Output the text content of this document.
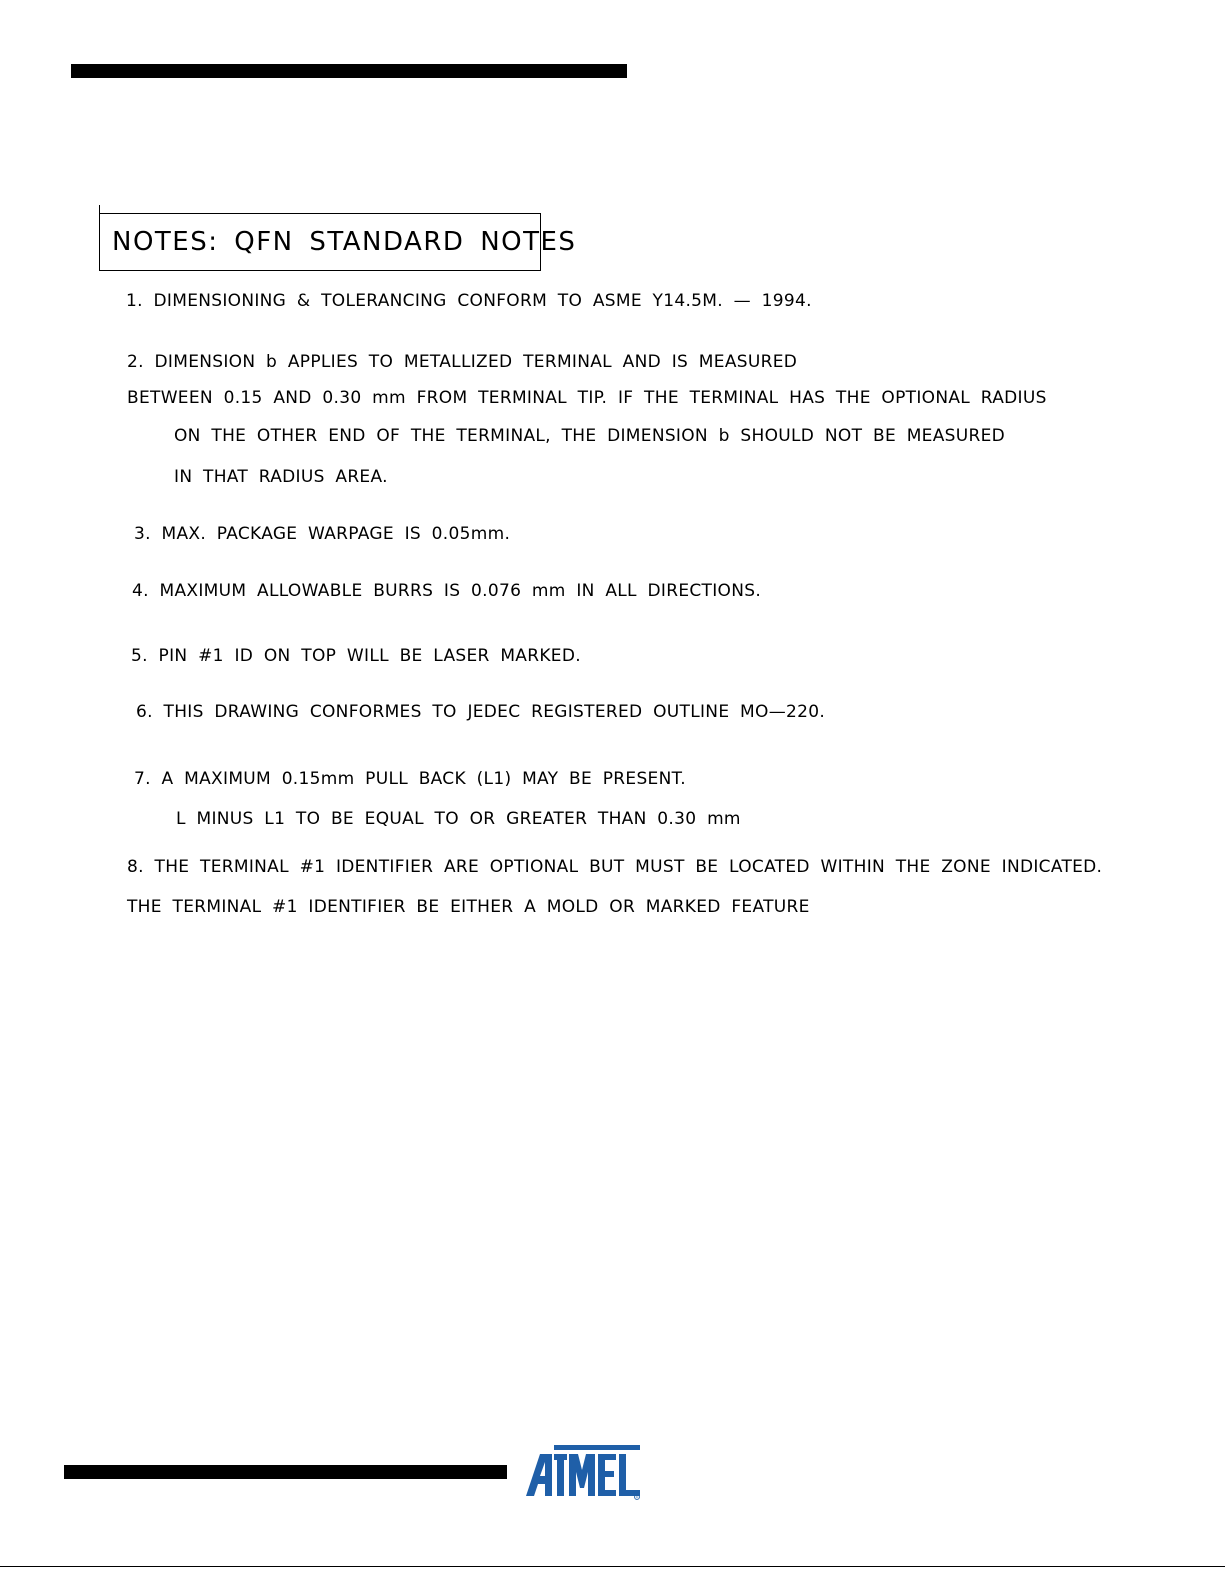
NOTES: QFN STANDARD NOTES
1. DIMENSIONING & TOLERANCING CONFORM TO ASME Y14.5M. — 1994.
2. DIMENSION b APPLIES TO METALLIZED TERMINAL AND IS MEASURED
BETWEEN 0.15 AND 0.30 mm FROM TERMINAL TIP. IF THE TERMINAL HAS THE OPTIONAL RADIUS
ON THE OTHER END OF THE TERMINAL, THE DIMENSION b SHOULD NOT BE MEASURED
IN THAT RADIUS AREA.
3. MAX. PACKAGE WARPAGE IS 0.05mm.
4. MAXIMUM ALLOWABLE BURRS IS 0.076 mm IN ALL DIRECTIONS.
5. PIN #1 ID ON TOP WILL BE LASER MARKED.
6. THIS DRAWING CONFORMES TO JEDEC REGISTERED OUTLINE MO—220.
7. A MAXIMUM 0.15mm PULL BACK (L1) MAY BE PRESENT.
L MINUS L1 TO BE EQUAL TO OR GREATER THAN 0.30 mm
8. THE TERMINAL #1 IDENTIFIER ARE OPTIONAL BUT MUST BE LOCATED WITHIN THE ZONE INDICATED.
THE TERMINAL #1 IDENTIFIER BE EITHER A MOLD OR MARKED FEATURE
®
